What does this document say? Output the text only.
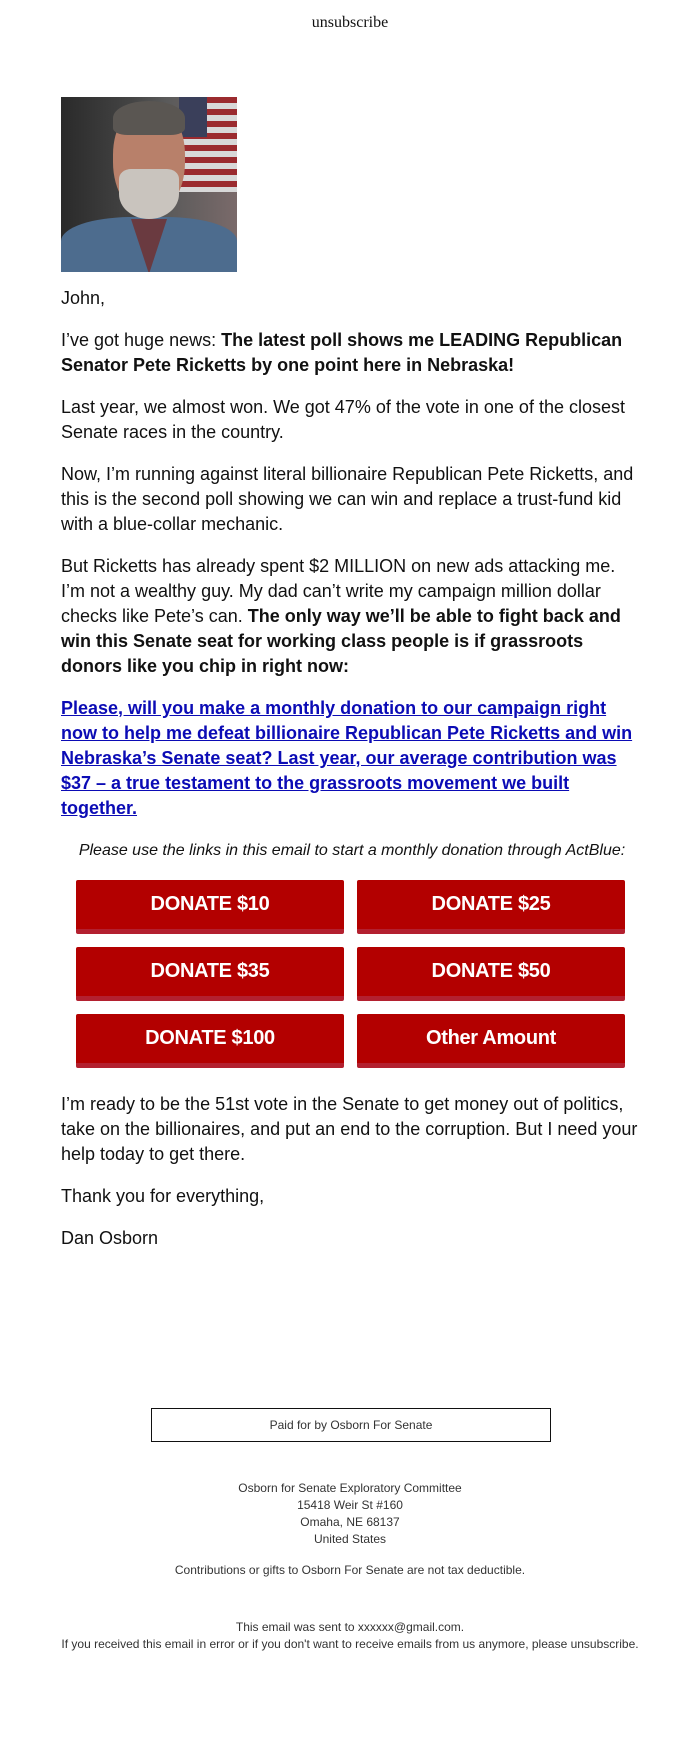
unsubscribe

John,

I’ve got huge news: The latest poll shows me LEADING Republican Senator Pete Ricketts by one point here in Nebraska!

Last year, we almost won. We got 47% of the vote in one of the closest Senate races in the country.

Now, I’m running against literal billionaire Republican Pete Ricketts, and this is the second poll showing we can win and replace a trust-fund kid with a blue-collar mechanic.

But Ricketts has already spent $2 MILLION on new ads attacking me. I’m not a wealthy guy. My dad can’t write my campaign million dollar checks like Pete’s can. The only way we’ll be able to fight back and win this Senate seat for working class people is if grassroots donors like you chip in right now:

Please, will you make a monthly donation to our campaign right now to help me defeat billionaire Republican Pete Ricketts and win Nebraska’s Senate seat? Last year, our average contribution was $37 – a true testament to the grassroots movement we built together.

Please use the links in this email to start a monthly donation through ActBlue:

DONATE $10	DONATE $25
DONATE $35	DONATE $50
DONATE $100	Other Amount

I’m ready to be the 51st vote in the Senate to get money out of politics, take on the billionaires, and put an end to the corruption. But I need your help today to get there.

Thank you for everything,

Dan Osborn

Paid for by Osborn For Senate
Osborn for Senate Exploratory Committee
15418 Weir St #160
Omaha, NE 68137
United States
Contributions or gifts to Osborn For Senate are not tax deductible.
This email was sent to xxxxxx@gmail.com.
If you received this email in error or if you don't want to receive emails from us anymore, please unsubscribe.
